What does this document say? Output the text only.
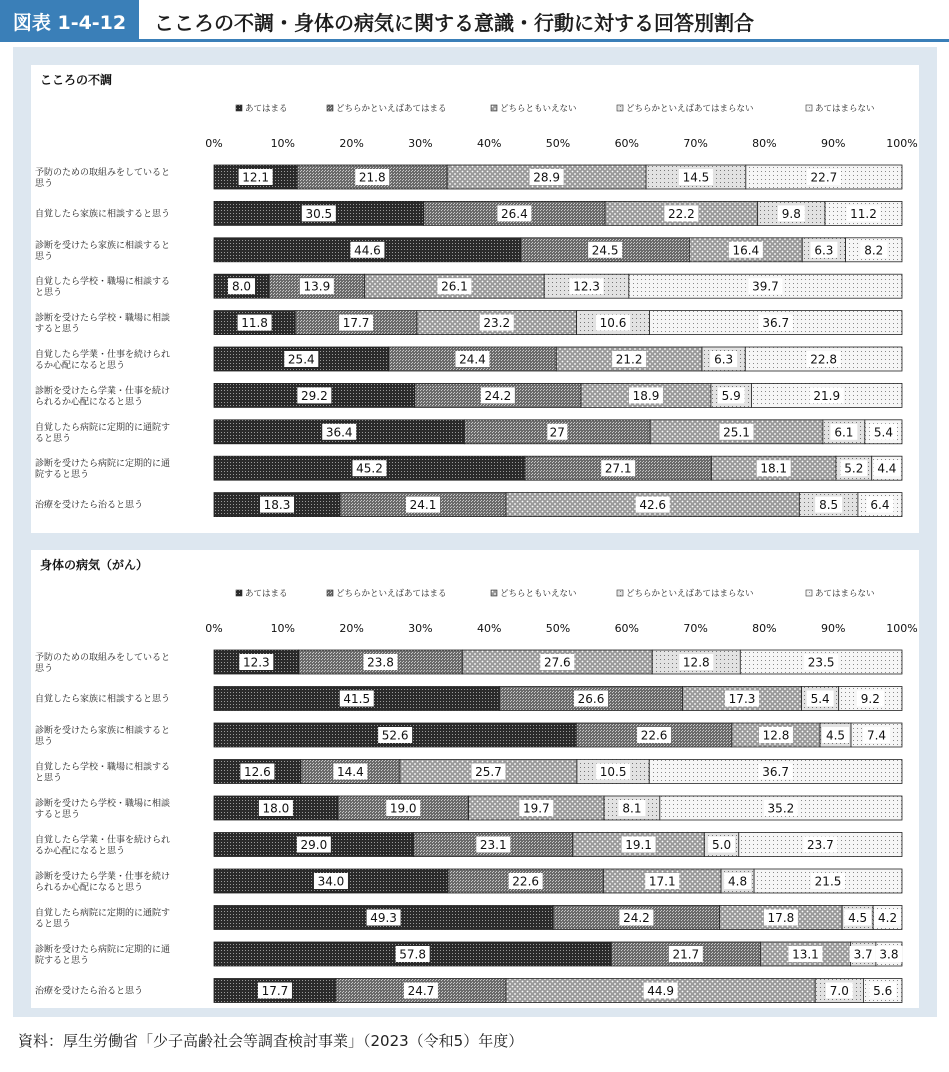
図表 1-4-12	こころの不調・身体の病気に関する意識・行動に対する回答別割合
こころの不調
あてはまる	どちらかといえばあてはまる	どちらともいえない	どちらかといえばあてはまらない	あてはまらない
0%	10%	20%	30%	40%	50%	60%	70%	80%	90%	100%
予防のための取組みをしていると
思う	12.1	21.8	28.9	14.5	22.7
自覚したら家族に相談すると思う	30.5	26.4	22.2	9.8	11.2
診断を受けたら家族に相談すると
思う	44.6	24.5	16.4	6.3	8.2
自覚したら学校・職場に相談する
と思う	8.0	13.9	26.1	12.3	39.7
診断を受けたら学校・職場に相談
すると思う	11.8	17.7	23.2	10.6	36.7
自覚したら学業・仕事を続けられ
るか心配になると思う	25.4	24.4	21.2	6.3	22.8
診断を受けたら学業・仕事を続け
られるか心配になると思う	29.2	24.2	18.9	5.9	21.9
自覚したら病院に定期的に通院す
ると思う	36.4	27	25.1	6.1 5.4
診断を受けたら病院に定期的に通
院すると思う	45.2	27.1	18.1	5.2 4.4
治療を受けたら治ると思う	18.3	24.1	42.6	8.5	6.4
身体の病気（がん）
あてはまる	どちらかといえばあてはまる	どちらともいえない	どちらかといえばあてはまらない	あてはまらない
0%	10%	20%	30%	40%	50%	60%	70%	80%	90%	100%
予防のための取組みをしていると
思う	12.3	23.8	27.6	12.8	23.5
自覚したら家族に相談すると思う	41.5	26.6	17.3	5.4	9.2
診断を受けたら家族に相談すると
思う	52.6	22.6	12.8	4.5 7.4
自覚したら学校・職場に相談する
と思う	12.6	14.4	25.7	10.5	36.7
診断を受けたら学校・職場に相談
すると思う	18.0	19.0	19.7	8.1	35.2
自覚したら学業・仕事を続けられ
るか心配になると思う	29.0	23.1	19.1	5.0	23.7
診断を受けたら学業・仕事を続け
られるか心配になると思う	34.0	22.6	17.1	4.8	21.5
自覚したら病院に定期的に通院す
ると思う	49.3	24.2	17.8	4.5 4.2
診断を受けたら病院に定期的に通
院すると思う	57.8	21.7	13.1	3.7 3.8
治療を受けたら治ると思う	17.7	24.7	44.9	7.0 5.6
資料：厚生労働省「少子高齢社会等調査検討事業」（2023（令和5）年度）
